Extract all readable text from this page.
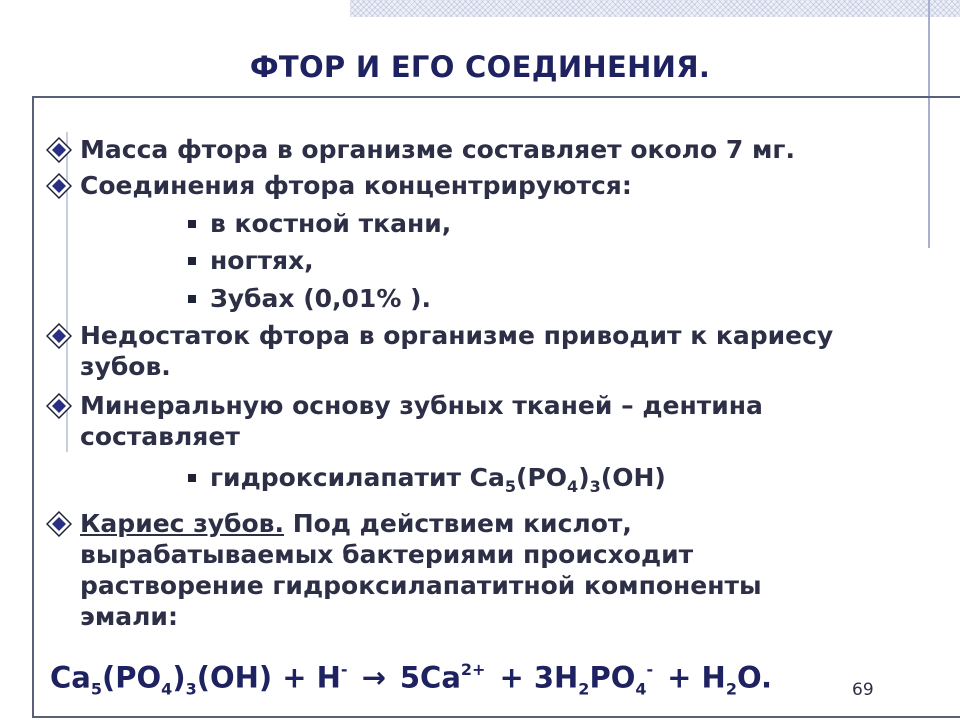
ФТОР И ЕГО СОЕДИНЕНИЯ.
Масса фтора в организме составляет около 7 мг.
Соединения фтора концентрируются:
в костной ткани,
ногтях,
Зубах (0,01% ).
Недостаток фтора в организме приводит к кариесу
зубов.
Минеральную основу зубных тканей – дентина
составляет
гидроксилапатит $Ca_5(PO_4)_3(OH)$
Кариес зубов. Под действием кислот,
вырабатываемых бактериями происходит
растворение гидроксилапатитной компоненты
эмали:
$Ca_5(PO_4)_3(OH) + H^- \to 5Ca^{2+} + 3H_2PO_4^- + H_2O$.	69
